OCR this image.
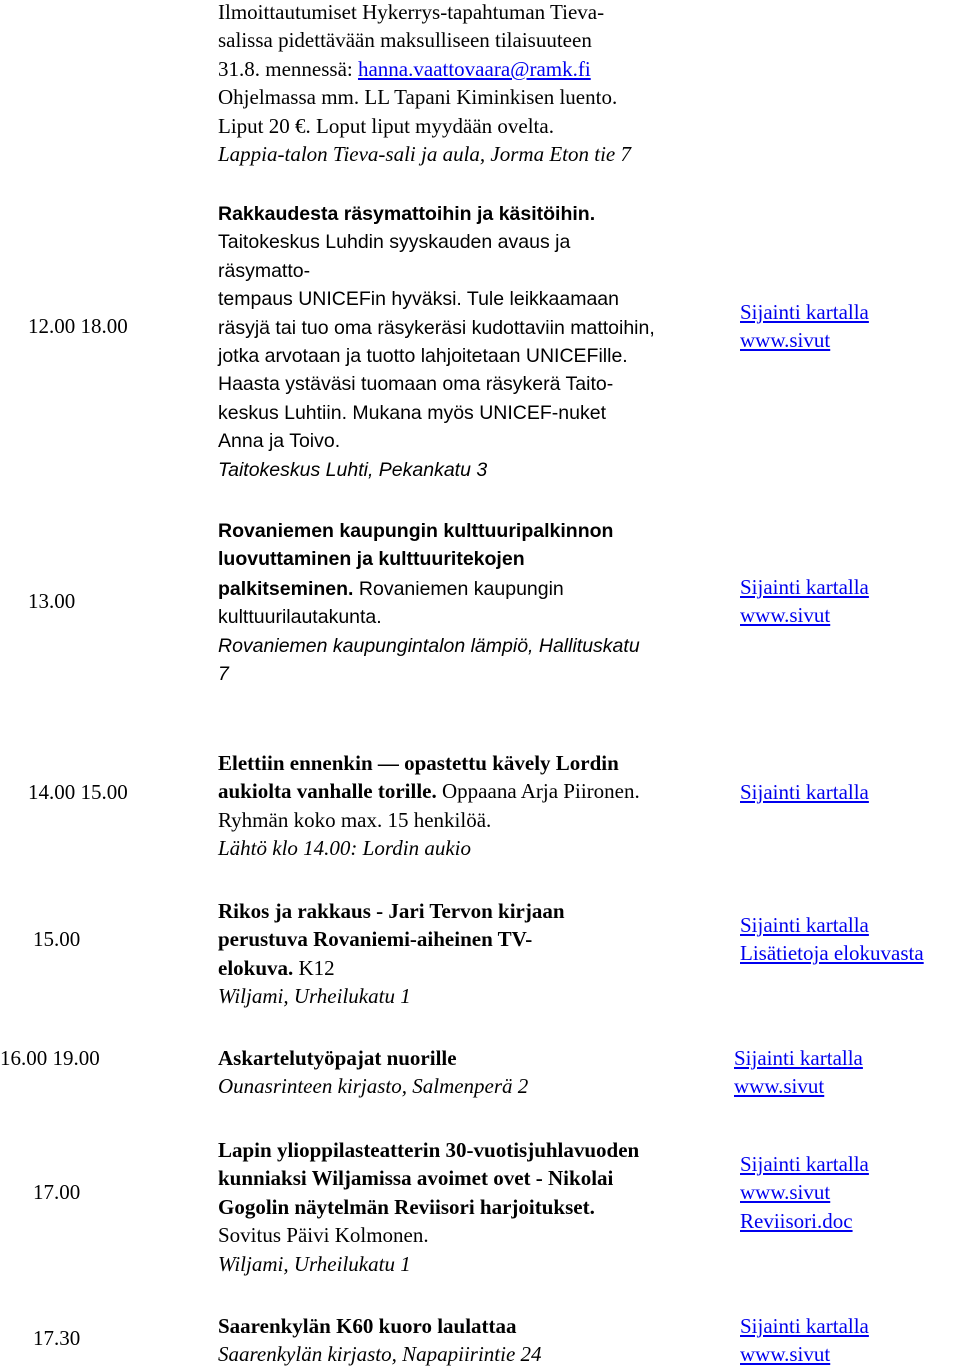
Ilmoittautumiset Hykerrys-tapahtuman Tieva-

salissa pidettävään maksulliseen tilaisuuteen

31.8. mennessä: hanna.vaattovaara@ramk.fi

Ohjelmassa mm. LL Tapani Kiminkisen luento.

Liput 20 €. Loput liput myydään ovelta.

Lappia-talon Tieva-sali ja aula, Jorma Eton tie 7

12.00 18.00

Rakkaudesta räsymattoihin ja käsitöihin.

Taitokeskus Luhdin syyskauden avaus ja

räsymatto-

tempaus UNICEFin hyväksi. Tule leikkaamaan

räsyjä tai tuo oma räsykeräsi kudottaviin mattoihin,

jotka arvotaan ja tuotto lahjoitetaan UNICEFille.

Haasta ystäväsi tuomaan oma räsykerä Taito-

keskus Luhtiin. Mukana myös UNICEF-nuket

Anna ja Toivo.

Taitokeskus Luhti, Pekankatu 3

Sijainti kartalla
www.sivut
13.00

Rovaniemen kaupungin kulttuuripalkinnon

luovuttaminen ja kulttuuritekojen

palkitseminen. Rovaniemen kaupungin

kulttuurilautakunta.

Rovaniemen kaupungintalon lämpiö, Hallituskatu

7

Sijainti kartalla
www.sivut
14.00 15.00

Elettiin ennenkin — opastettu kävely Lordin

aukiolta vanhalle torille. Oppaana Arja Piironen.

Ryhmän koko max. 15 henkilöä.

Lähtö klo 14.00: Lordin aukio

Sijainti kartalla
15.00

Rikos ja rakkaus - Jari Tervon kirjaan

perustuva Rovaniemi-aiheinen TV-

elokuva. K12

Wiljami, Urheilukatu 1

Sijainti kartalla
Lisätietoja elokuvasta
16.00 19.00	Askartelutyöpajat nuorille

Ounasrinteen kirjasto, Salmenperä 2

Sijainti kartalla
www.sivut
17.00

Lapin ylioppilasteatterin 30-vuotisjuhlavuoden

kunniaksi Wiljamissa avoimet ovet - Nikolai

Gogolin näytelmän Reviisori harjoitukset.

Sovitus Päivi Kolmonen.

Wiljami, Urheilukatu 1

Sijainti kartalla
www.sivut
Reviisori.doc
17.30	Saarenkylän K60 kuoro laulattaa

Saarenkylän kirjasto, Napapiirintie 24

Sijainti kartalla
www.sivut
